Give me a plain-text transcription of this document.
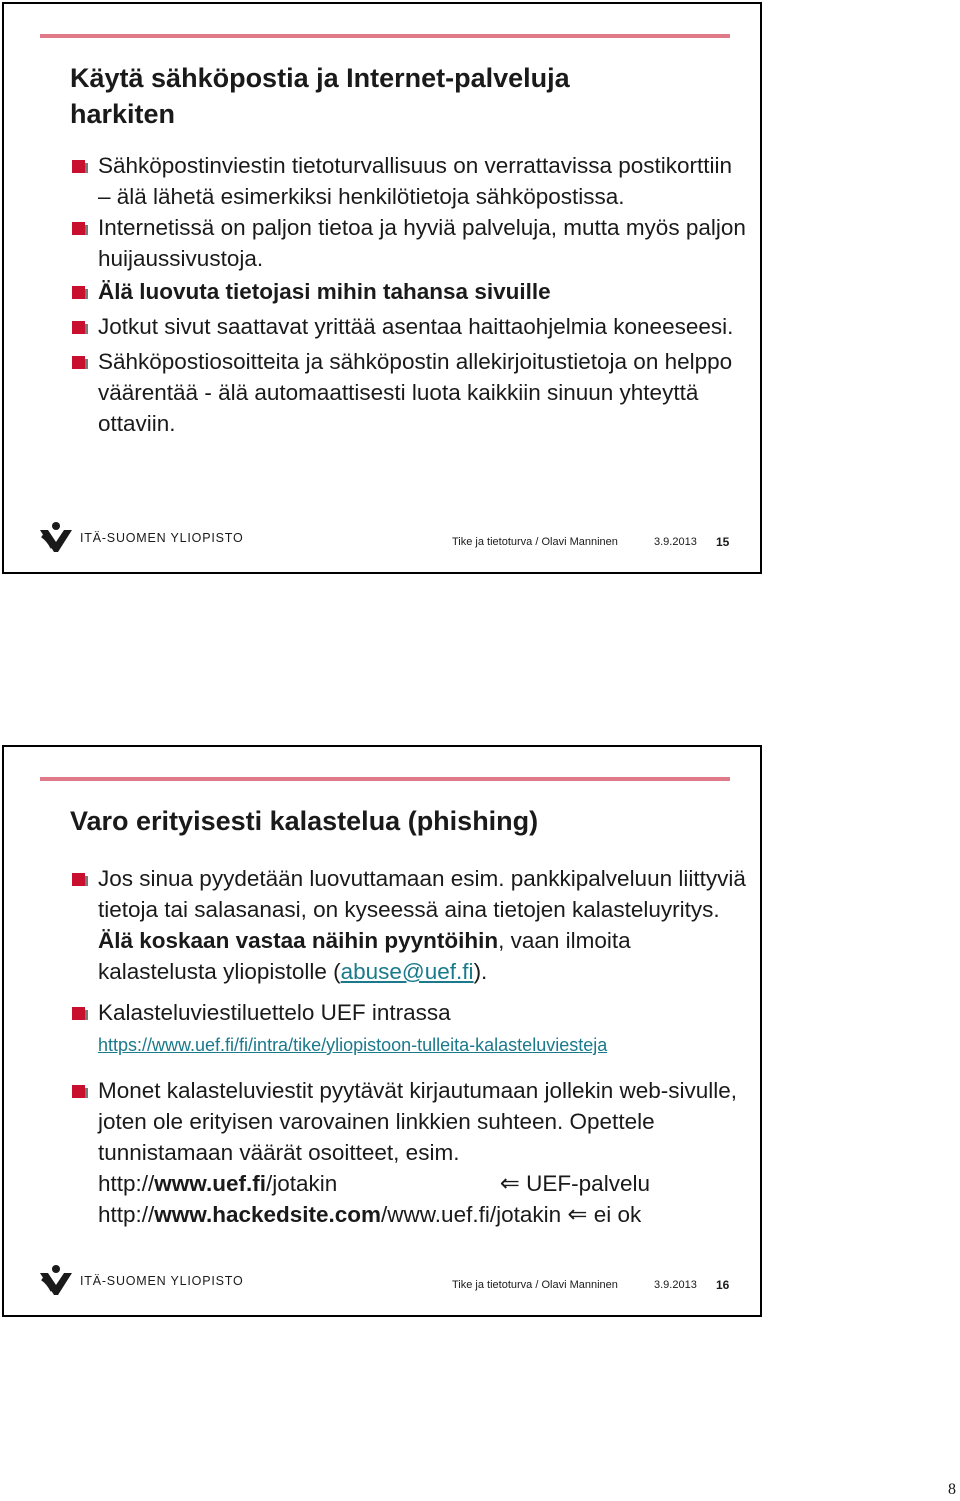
Käytä sähköpostia ja Internet-palveluja
harkiten
Sähköpostinviestin tietoturvallisuus on verrattavissa postikorttiin – älä lähetä esimerkiksi henkilötietoja sähköpostissa.
Internetissä on paljon tietoa ja hyviä palveluja, mutta myös paljon huijaussivustoja.
Älä luovuta tietojasi mihin tahansa sivuille
Jotkut sivut saattavat yrittää asentaa haittaohjelmia koneeseesi.
Sähköpostiosoitteita ja sähköpostin allekirjoitustietoja on helppo väärentää - älä automaattisesti luota kaikkiin sinuun yhteyttä ottaviin.
ITÄ-SUOMEN YLIOPISTO	Tike ja tietoturva / Olavi Manninen	3.9.2013 15
Varo erityisesti kalastelua (phishing)
Jos sinua pyydetään luovuttamaan esim. pankkipalveluun liittyviä tietoja tai salasanasi, on kyseessä aina tietojen kalasteluyritys. Älä koskaan vastaa näihin pyyntöihin, vaan ilmoita kalastelusta yliopistolle (abuse@uef.fi).
Kalasteluviestiluettelo UEF intrassa
https://www.uef.fi/fi/intra/tike/yliopistoon-tulleita-kalasteluviesteja
Monet kalasteluviestit pyytävät kirjautumaan jollekin web-sivulle, joten ole erityisen varovainen linkkien suhteen. Opettele tunnistamaan väärät osoitteet, esim.
http://www.uef.fi/jotakin	⇐ UEF-palvelu
http://www.hackedsite.com/www.uef.fi/jotakin ⇐ ei ok
ITÄ-SUOMEN YLIOPISTO	Tike ja tietoturva / Olavi Manninen	3.9.2013 16
8
